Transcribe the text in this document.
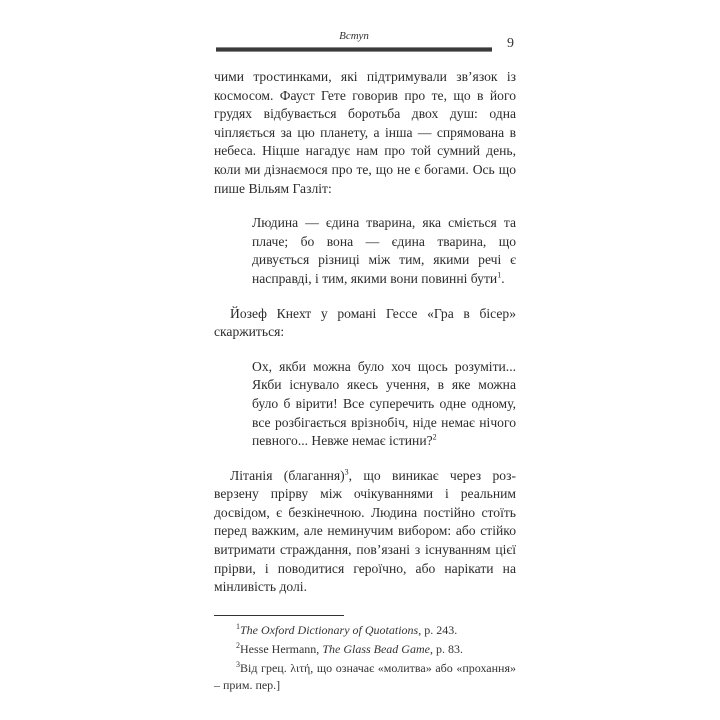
Вступ	9

чими тростинками, які підтримували зв’язок із космосом. Фауст Гете говорив про те, що в його грудях відбувається боротьба двох душ: одна чіпляється за цю планету, а інша — спрямована в небеса. Ніцше нагадує нам про той сумний день, коли ми дізнаємося про те, що не є богами. Ось що пише Вільям Газліт:

Людина — єдина тварина, яка сміється та плаче; бо вона — єдина тварина, що дивується різниці між тим, якими речі є насправді, і тим, якими вони повинні бути$^1$.

Йозеф Кнехт у романі Гессе «Гра в бісер» скаржиться:

Ох, якби можна було хоч щось розуміти... Якби існувало якесь учення, в яке можна було б вірити! Все суперечить одне одному, все розбігається врізнобіч, ніде немає нічого певного... Невже немає істини?$^2$

Літанія (благання)$^3$, що виникає через розверзену прірву між очікуваннями і реальним досвідом, є безкінечною. Людина постійно стоїть перед важким, але неминучим вибором: або стійко витримати страждання, пов’язані з існуванням цієї прірви, і поводитися героїчно, або нарікати на мінливість долі.

$^1$The Oxford Dictionary of Quotations, p. 243.

$^2$Hesse Hermann, The Glass Bead Game, p. 83.

$^3$Від грец. λιτή, що означає «молитва» або «прохання» – прим. пер.]
